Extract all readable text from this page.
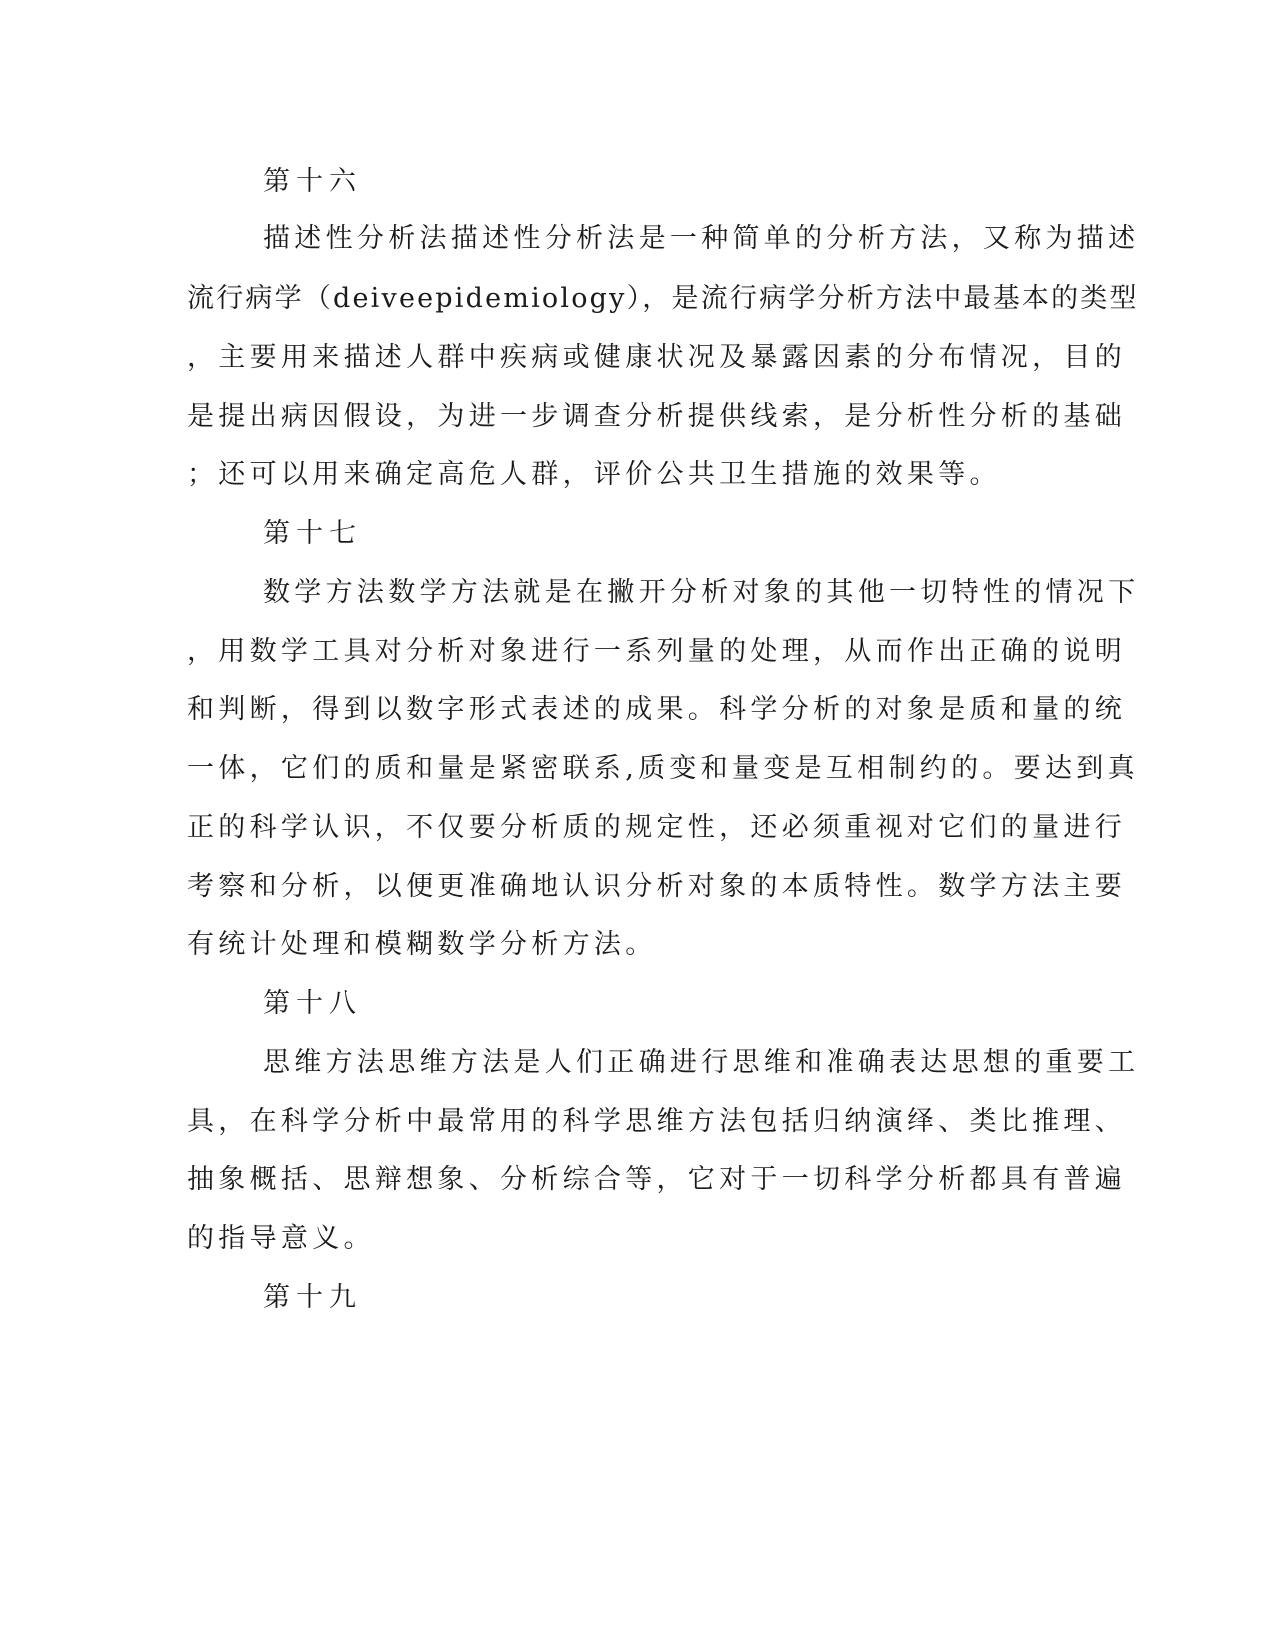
第十六
描述性分析法描述性分析法是一种简单的分析方法，又称为描述
流行病学（deiveepidemiology），是流行病学分析方法中最基本的类型
，主要用来描述人群中疾病或健康状况及暴露因素的分布情况，目的
是提出病因假设，为进一步调查分析提供线索，是分析性分析的基础
；还可以用来确定高危人群，评价公共卫生措施的效果等。
第十七
数学方法数学方法就是在撇开分析对象的其他一切特性的情况下
，用数学工具对分析对象进行一系列量的处理，从而作出正确的说明
和判断，得到以数字形式表述的成果。科学分析的对象是质和量的统
一体，它们的质和量是紧密联系,质变和量变是互相制约的。要达到真
正的科学认识，不仅要分析质的规定性，还必须重视对它们的量进行
考察和分析，以便更准确地认识分析对象的本质特性。数学方法主要
有统计处理和模糊数学分析方法。
第十八
思维方法思维方法是人们正确进行思维和准确表达思想的重要工
具，在科学分析中最常用的科学思维方法包括归纳演绎、类比推理、
抽象概括、思辩想象、分析综合等，它对于一切科学分析都具有普遍
的指导意义。
第十九
